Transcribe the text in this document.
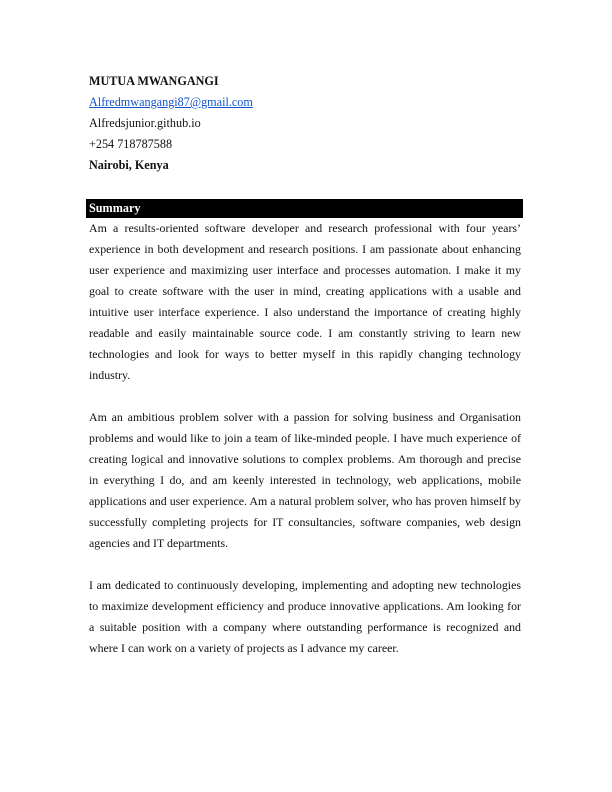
MUTUA MWANGANGI
Alfredmwangangi87@gmail.com
Alfredsjunior.github.io
+254 718787588
Nairobi, Kenya
Summary

Am a results-oriented software developer and research professional with four years’ experience in both development and research positions. I am passionate about enhancing user experience and maximizing user interface and processes automation. I make it my goal to create software with the user in mind, creating applications with a usable and intuitive user interface experience. I also understand the importance of creating highly readable and easily maintainable source code. I am constantly striving to learn new technologies and look for ways to better myself in this rapidly changing technology industry.

Am an ambitious problem solver with a passion for solving business and Organisation problems and would like to join a team of like-minded people. I have much experience of creating logical and innovative solutions to complex problems. Am thorough and precise in everything I do, and am keenly interested in technology, web applications, mobile applications and user experience. Am a natural problem solver, who has proven himself by successfully completing projects for IT consultancies, software companies, web design agencies and IT departments.

I am dedicated to continuously developing, implementing and adopting new technologies to maximize development efficiency and produce innovative applications. Am looking for a suitable position with a company where outstanding performance is recognized and where I can work on a variety of projects as I advance my career.
